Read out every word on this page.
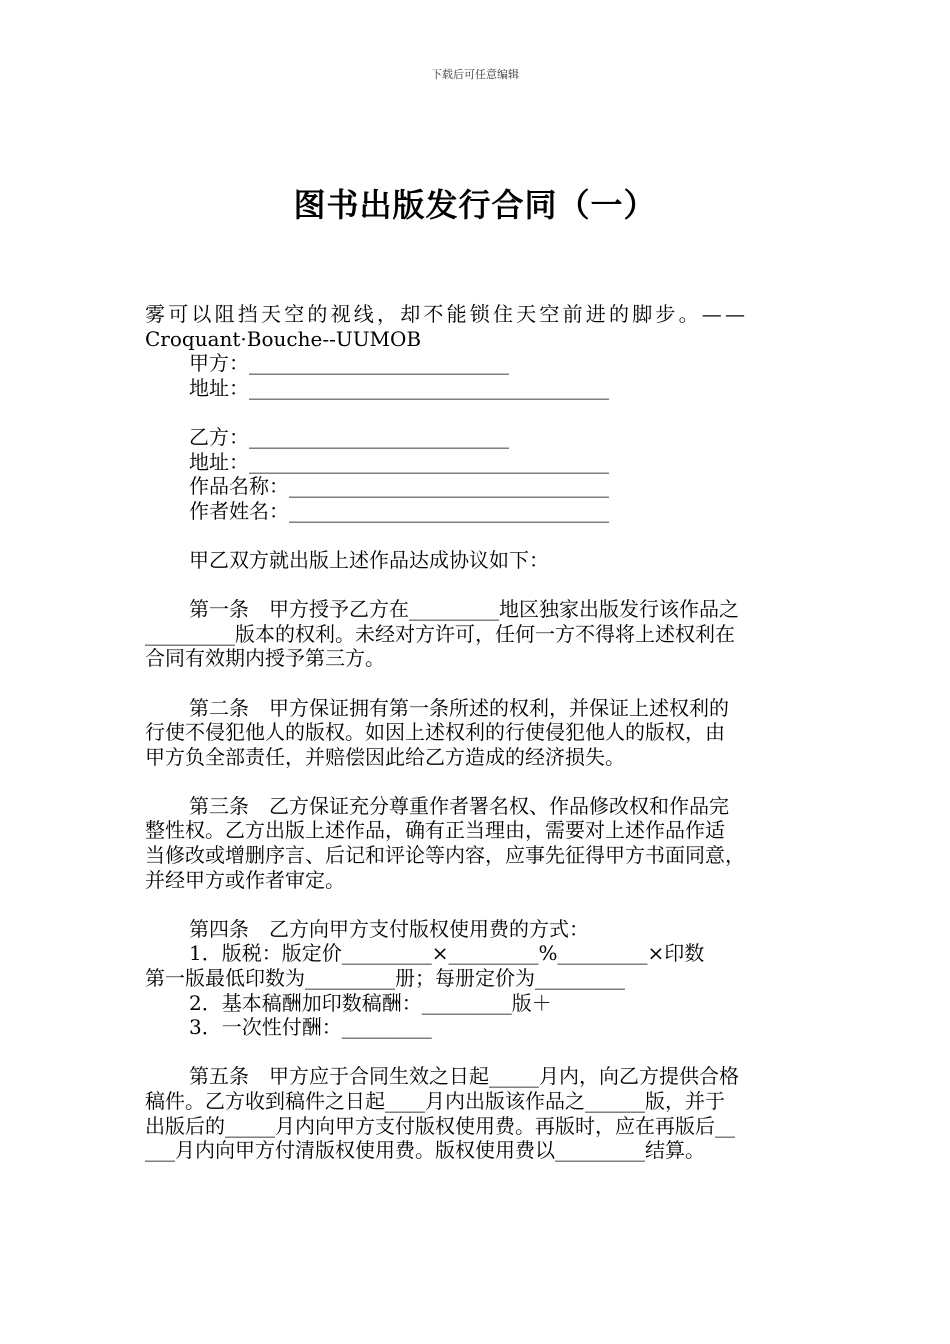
下载后可任意编辑
图书出版发行合同（一）
雾可以阻挡天空的视线，却不能锁住天空前进的脚步。——
Croquant·Bouche--UUMOB
甲方：__________________________
地址：____________________________________
乙方：__________________________
地址：____________________________________
作品名称：________________________________
作者姓名：________________________________
甲乙双方就出版上述作品达成协议如下：
第一条　甲方授予乙方在_________地区独家出版发行该作品之
_________版本的权利。未经对方许可，任何一方不得将上述权利在
合同有效期内授予第三方。
第二条　甲方保证拥有第一条所述的权利，并保证上述权利的
行使不侵犯他人的版权。如因上述权利的行使侵犯他人的版权，由
甲方负全部责任，并赔偿因此给乙方造成的经济损失。
第三条　乙方保证充分尊重作者署名权、作品修改权和作品完
整性权。乙方出版上述作品，确有正当理由，需要对上述作品作适
当修改或增删序言、后记和评论等内容，应事先征得甲方书面同意，
并经甲方或作者审定。
第四条　乙方向甲方支付版权使用费的方式：
1．版税：版定价_________×_________%_________×印数
第一版最低印数为_________册；每册定价为_________
2．基本稿酬加印数稿酬：_________版＋
3．一次性付酬：_________
第五条　甲方应于合同生效之日起_____月内，向乙方提供合格
稿件。乙方收到稿件之日起____月内出版该作品之______版，并于
出版后的_____月内向甲方支付版权使用费。再版时，应在再版后__
___月内向甲方付清版权使用费。版权使用费以_________结算。
